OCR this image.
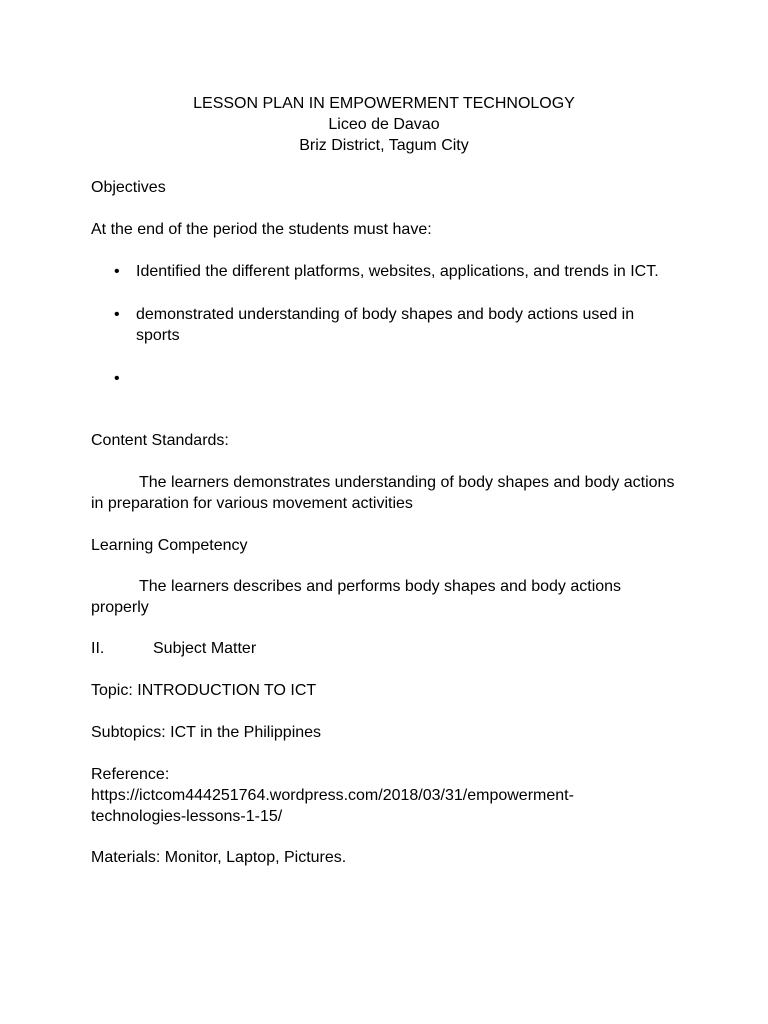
LESSON PLAN IN EMPOWERMENT TECHNOLOGY
Liceo de Davao
Briz District, Tagum City
Objectives
At the end of the period the students must have:
• Identified the different platforms, websites, applications, and trends in ICT.
• demonstrated understanding of body shapes and body actions used in sports
•
Content Standards:
The learners demonstrates understanding of body shapes and body actions in preparation for various movement activities
Learning Competency
The learners describes and performs body shapes and body actions properly
II.	Subject Matter
Topic: INTRODUCTION TO ICT
Subtopics: ICT in the Philippines
Reference:
https://ictcom444251764.wordpress.com/2018/03/31/empowerment-technologies-lessons-1-15/
Materials: Monitor, Laptop, Pictures.
